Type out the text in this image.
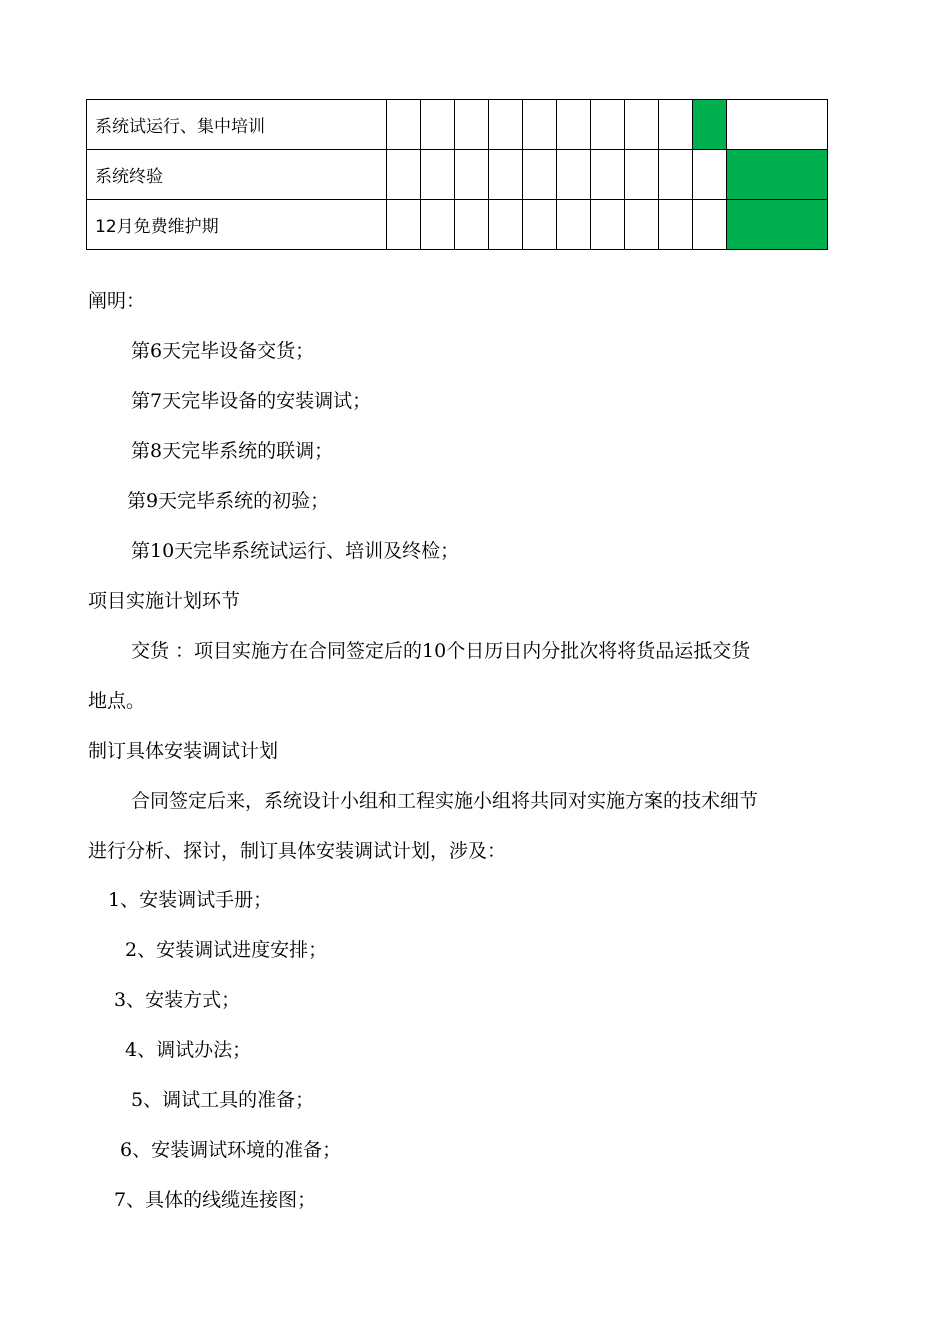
系统试运行、集中培训											
系统终验											
12月免费维护期											

阐明：

第6天完毕设备交货；

第7天完毕设备的安装调试；

第8天完毕系统的联调；

第9天完毕系统的初验；

第10天完毕系统试运行、培训及终检；

项目实施计划环节

交货 ：项目实施方在合同签定后的10个日历日内分批次将将货品运抵交货

地点。

制订具体安装调试计划

合同签定后来，系统设计小组和工程实施小组将共同对实施方案的技术细节

进行分析、探讨，制订具体安装调试计划，涉及：

1、安装调试手册；

2、安装调试进度安排；

3、安装方式；

4、调试办法；

5、调试工具的准备；

6、安装调试环境的准备；

7、具体的线缆连接图；
